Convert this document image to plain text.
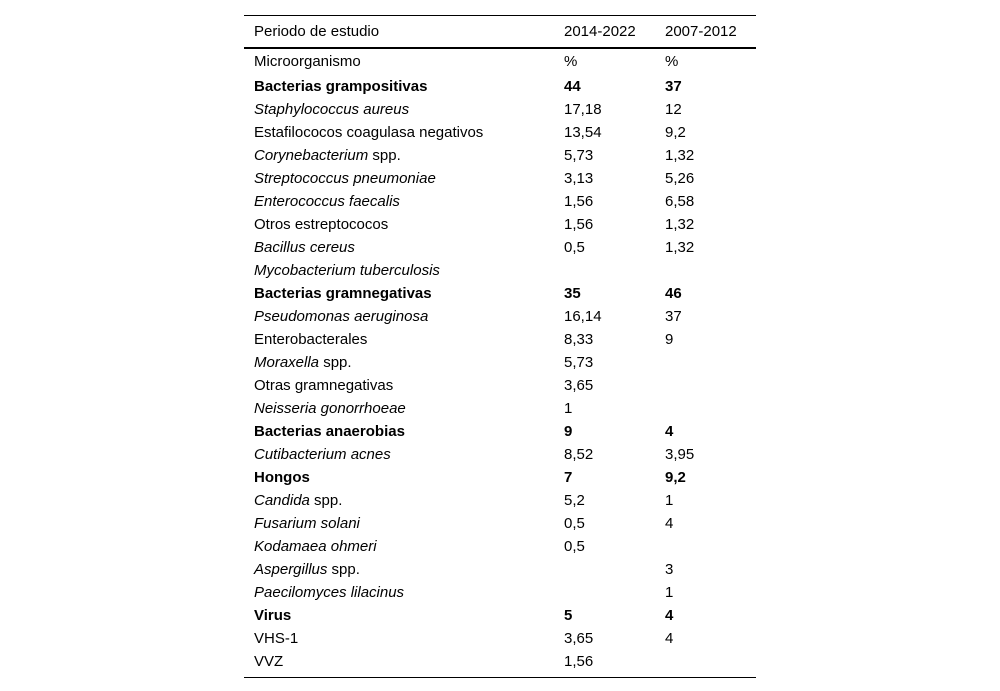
Periodo de estudio	2014-2022	2007-2012
Microorganismo	%	%
Bacterias grampositivas	44	37
Staphylococcus aureus	17,18	12
Estafilococos coagulasa negativos	13,54	9,2
Corynebacterium spp.	5,73	1,32
Streptococcus pneumoniae	3,13	5,26
Enterococcus faecalis	1,56	6,58
Otros estreptococos	1,56	1,32
Bacillus cereus	0,5	1,32
Mycobacterium tuberculosis		
Bacterias gramnegativas	35	46
Pseudomonas aeruginosa	16,14	37
Enterobacterales	8,33	9
Moraxella spp.	5,73	
Otras gramnegativas	3,65	
Neisseria gonorrhoeae	1	
Bacterias anaerobias	9	4
Cutibacterium acnes	8,52	3,95
Hongos	7	9,2
Candida spp.	5,2	1
Fusarium solani	0,5	4
Kodamaea ohmeri	0,5	
Aspergillus spp.		3
Paecilomyces lilacinus		1
Virus	5	4
VHS-1	3,65	4
VVZ	1,56	
